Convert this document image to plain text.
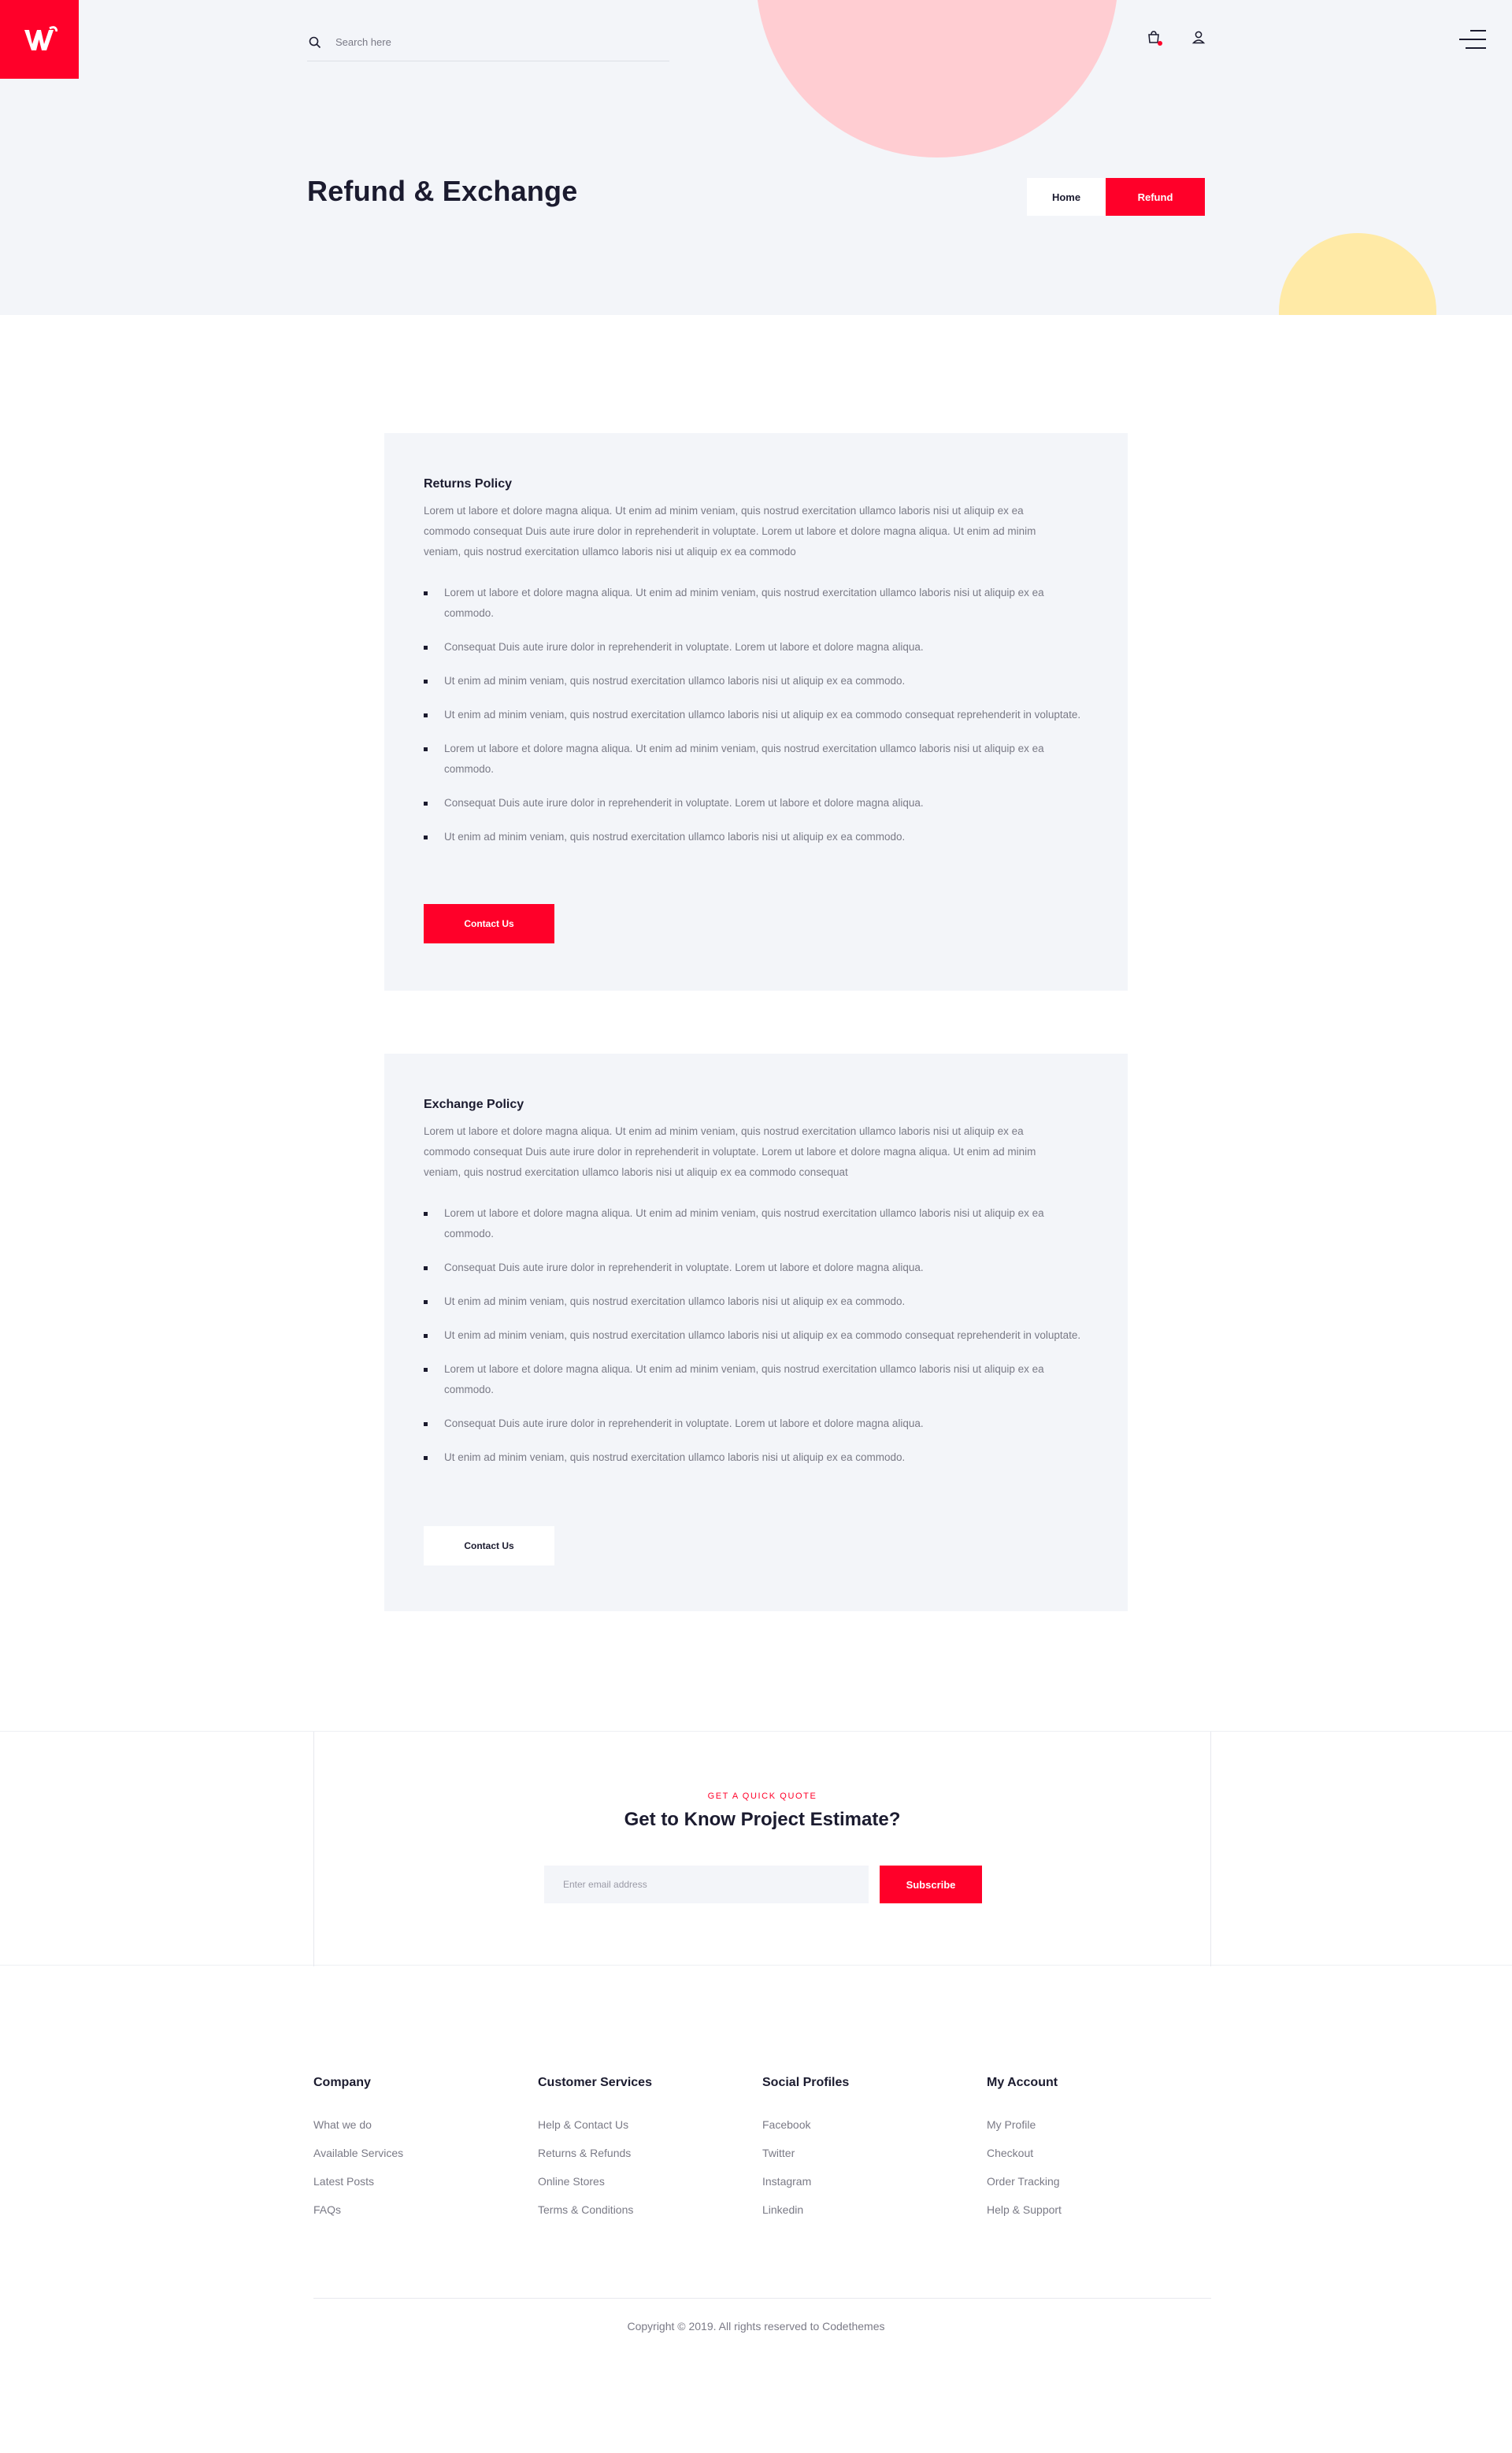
Search here
Refund & Exchange	Home	Refund
Returns Policy

Lorem ut labore et dolore magna aliqua. Ut enim ad minim veniam, quis nostrud exercitation ullamco laboris nisi ut aliquip ex ea commodo consequat Duis aute irure dolor in reprehenderit in voluptate. Lorem ut labore et dolore magna aliqua. Ut enim ad minim veniam, quis nostrud exercitation ullamco laboris nisi ut aliquip ex ea commodo

Lorem ut labore et dolore magna aliqua. Ut enim ad minim veniam, quis nostrud exercitation ullamco laboris nisi ut aliquip ex ea commodo.
Consequat Duis aute irure dolor in reprehenderit in voluptate. Lorem ut labore et dolore magna aliqua.
Ut enim ad minim veniam, quis nostrud exercitation ullamco laboris nisi ut aliquip ex ea commodo.
Ut enim ad minim veniam, quis nostrud exercitation ullamco laboris nisi ut aliquip ex ea commodo consequat reprehenderit in voluptate.
Lorem ut labore et dolore magna aliqua. Ut enim ad minim veniam, quis nostrud exercitation ullamco laboris nisi ut aliquip ex ea commodo.
Consequat Duis aute irure dolor in reprehenderit in voluptate. Lorem ut labore et dolore magna aliqua.
Ut enim ad minim veniam, quis nostrud exercitation ullamco laboris nisi ut aliquip ex ea commodo.
Contact Us
Exchange Policy

Lorem ut labore et dolore magna aliqua. Ut enim ad minim veniam, quis nostrud exercitation ullamco laboris nisi ut aliquip ex ea commodo consequat Duis aute irure dolor in reprehenderit in voluptate. Lorem ut labore et dolore magna aliqua. Ut enim ad minim veniam, quis nostrud exercitation ullamco laboris nisi ut aliquip ex ea commodo consequat

Lorem ut labore et dolore magna aliqua. Ut enim ad minim veniam, quis nostrud exercitation ullamco laboris nisi ut aliquip ex ea commodo.
Consequat Duis aute irure dolor in reprehenderit in voluptate. Lorem ut labore et dolore magna aliqua.
Ut enim ad minim veniam, quis nostrud exercitation ullamco laboris nisi ut aliquip ex ea commodo.
Ut enim ad minim veniam, quis nostrud exercitation ullamco laboris nisi ut aliquip ex ea commodo consequat reprehenderit in voluptate.
Lorem ut labore et dolore magna aliqua. Ut enim ad minim veniam, quis nostrud exercitation ullamco laboris nisi ut aliquip ex ea commodo.
Consequat Duis aute irure dolor in reprehenderit in voluptate. Lorem ut labore et dolore magna aliqua.
Ut enim ad minim veniam, quis nostrud exercitation ullamco laboris nisi ut aliquip ex ea commodo.
Contact Us
GET A QUICK QUOTE
Get to Know Project Estimate?
Enter email address
Subscribe
Company
What we do
Available Services
Latest Posts
FAQs
Customer Services
Help & Contact Us
Returns & Refunds
Online Stores
Terms & Conditions
Social Profiles
Facebook
Twitter
Instagram
Linkedin
My Account
My Profile
Checkout
Order Tracking
Help & Support

Copyright © 2019. All rights reserved to Codethemes
